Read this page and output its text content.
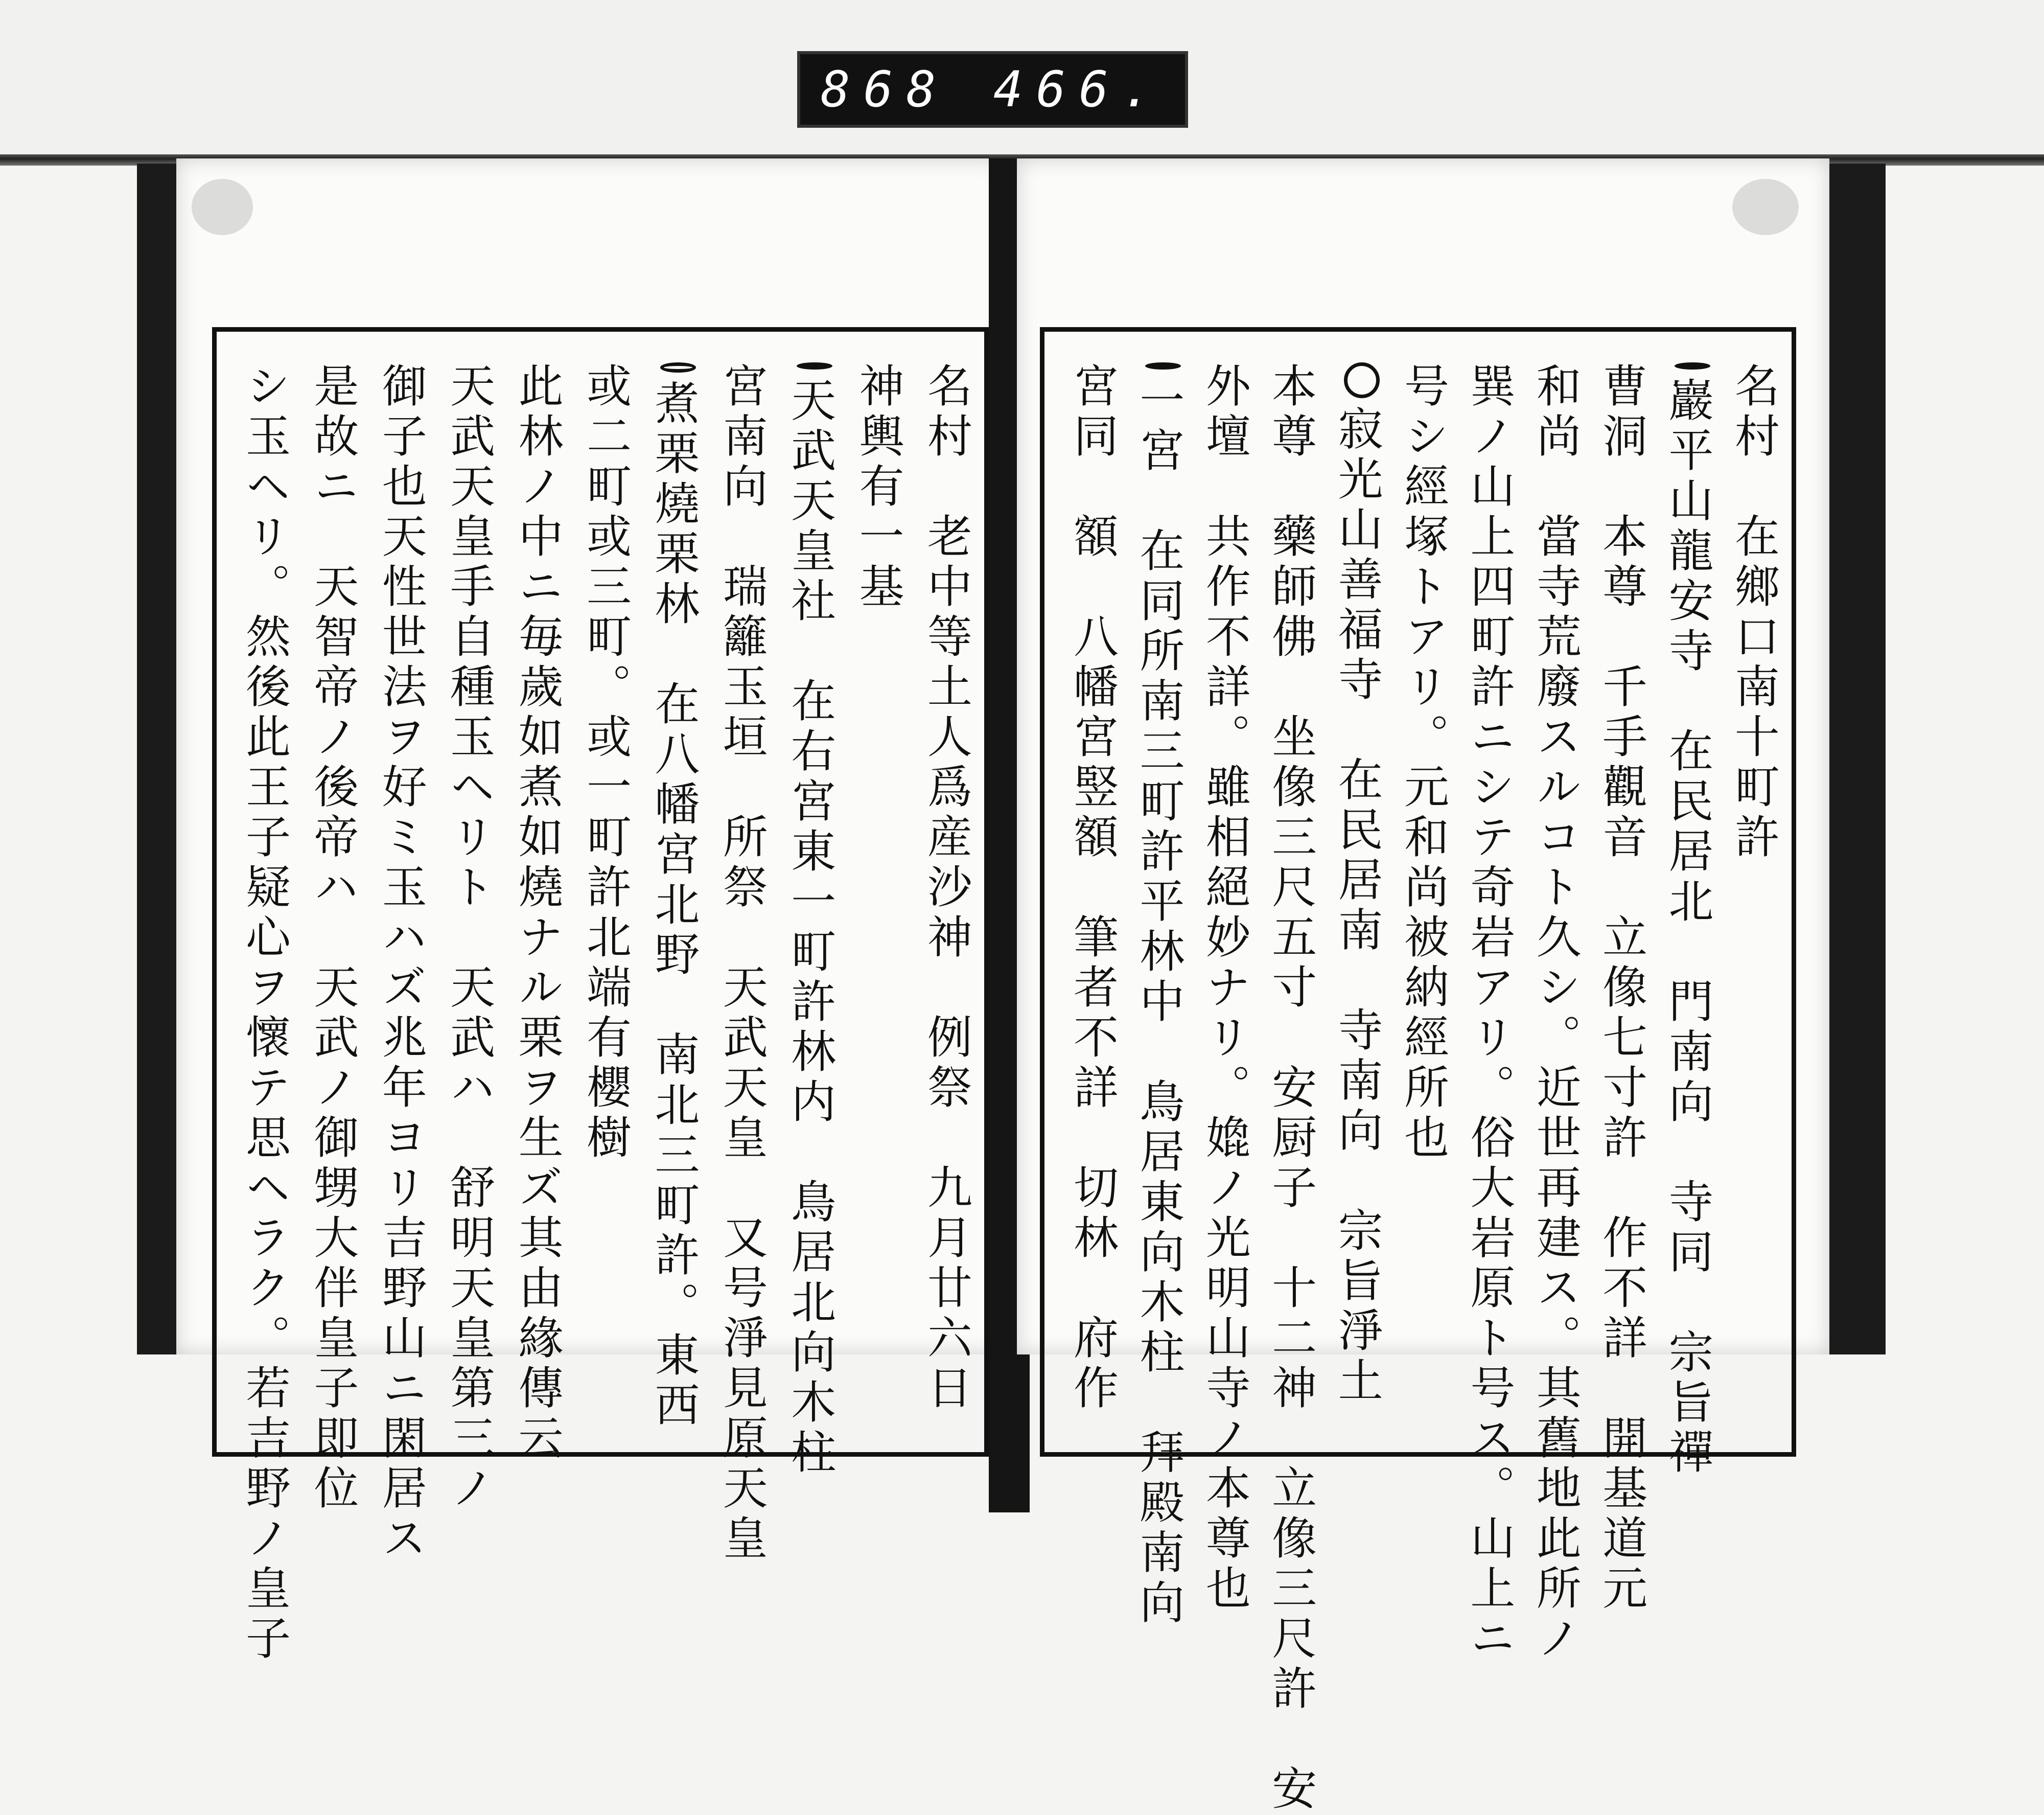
868 466.
名村　老中等土人爲産沙神　例祭　九月廿六日
神輿有一基
天武天皇社　在右宮東一町許林内　鳥居北向木柱
宮南向　瑞籬玉垣　所祭　天武天皇　又号淨見原天皇
煮栗燒栗林　在八幡宮北野　南北三町許。東西
或二町或三町。或一町許北端有櫻樹
此林ノ中ニ毎歲如煮如燒ナル栗ヲ生ズ其由緣傳云
天武天皇手自種玉ヘリト　天武ハ　舒明天皇第三ノ
御子也天性世法ヲ好ミ玉ハズ兆年ヨリ吉野山ニ閑居ス
是故ニ　天智帝ノ後帝ハ　天武ノ御甥大伴皇子即位
シ玉ヘリ。然後此王子疑心ヲ懷テ思ヘラク。若吉野ノ皇子	名村　在鄉口南十町許
巖平山龍安寺　在民居北　門南向　寺同　宗旨禪
曹洞　本尊　千手觀音　立像七寸許　作不詳　開基道元
和尚　當寺荒廢スルコト久シ。近世再建ス。其舊地此所ノ
巽ノ山上四町許ニシテ奇岩アリ。俗大岩原ト号ス。山上ニ
号シ經塚トアリ。元和尚被納經所也
寂光山善福寺　在民居南　寺南向　宗旨淨土
本尊　藥師佛　坐像三尺五寸　安厨子　十二神　立像三尺許　安
外壇　共作不詳。雖相絕妙ナリ。嫓ノ光明山寺ノ本尊也
一宮　在同所南三町許平林中　鳥居東向木柱　拜殿南向
宮同　額　八幡宮竪額　筆者不詳　切林　府作
